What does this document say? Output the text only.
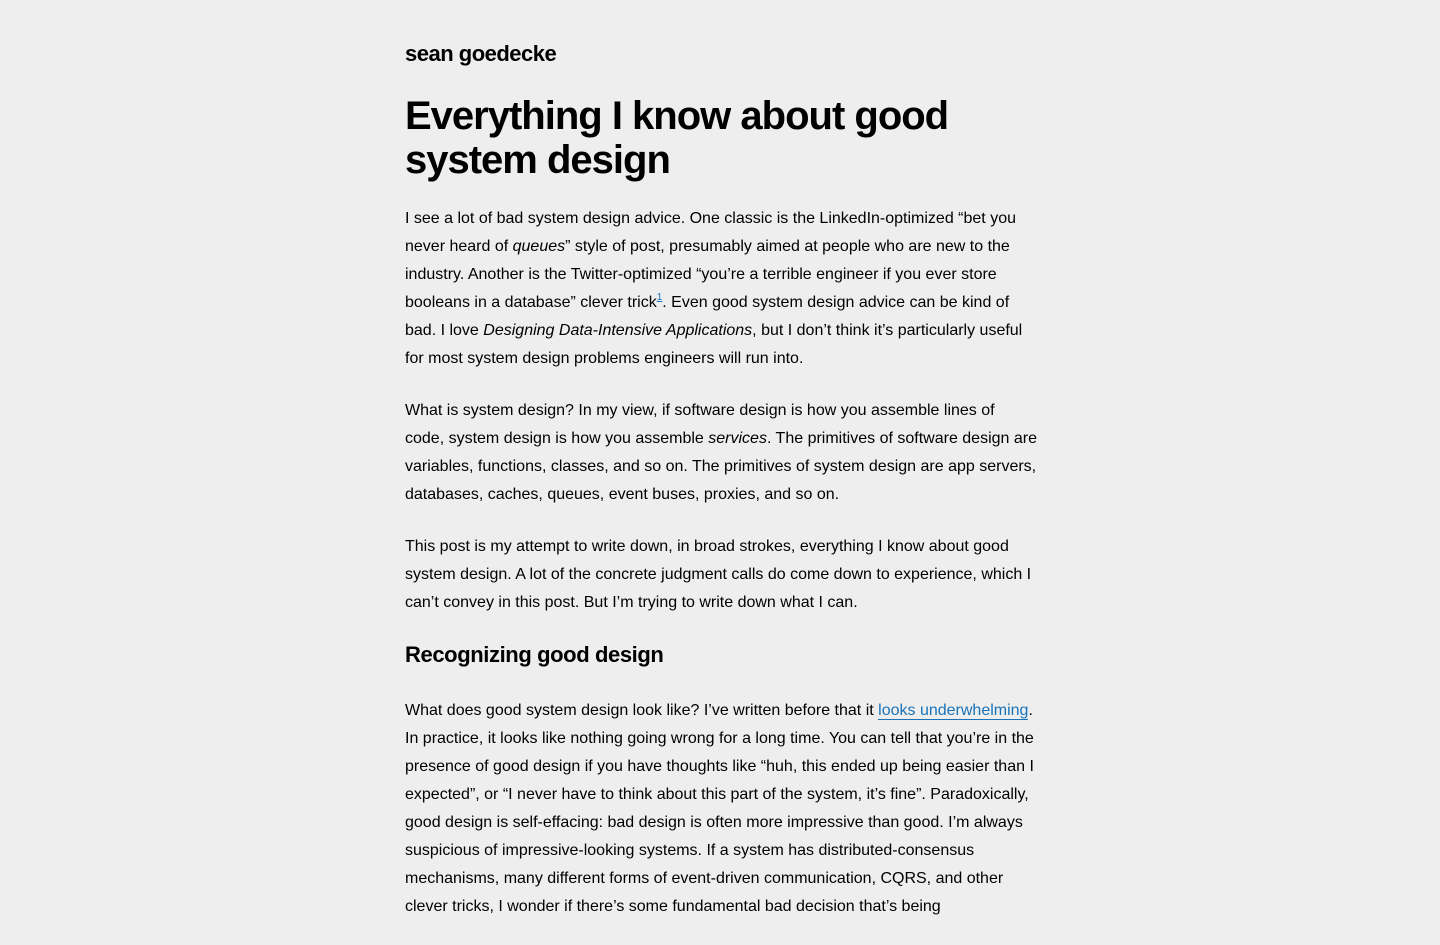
sean goedecke
Everything I know about good system design

I see a lot of bad system design advice. One classic is the LinkedIn-optimized “bet you never heard of queues” style of post, presumably aimed at people who are new to the industry. Another is the Twitter-optimized “you’re a terrible engineer if you ever store booleans in a database” clever trick$^1$. Even good system design advice can be kind of bad. I love Designing Data-Intensive Applications, but I don’t think it’s particularly useful for most system design problems engineers will run into.

What is system design? In my view, if software design is how you assemble lines of code, system design is how you assemble services. The primitives of software design are variables, functions, classes, and so on. The primitives of system design are app servers, databases, caches, queues, event buses, proxies, and so on.

This post is my attempt to write down, in broad strokes, everything I know about good system design. A lot of the concrete judgment calls do come down to experience, which I can’t convey in this post. But I’m trying to write down what I can.

Recognizing good design

What does good system design look like? I’ve written before that it looks underwhelming. In practice, it looks like nothing going wrong for a long time. You can tell that you’re in the presence of good design if you have thoughts like “huh, this ended up being easier than I expected”, or “I never have to think about this part of the system, it’s fine”. Paradoxically, good design is self-effacing: bad design is often more impressive than good. I’m always suspicious of impressive-looking systems. If a system has distributed-consensus mechanisms, many different forms of event-driven communication, CQRS, and other clever tricks, I wonder if there’s some fundamental bad decision that’s being
